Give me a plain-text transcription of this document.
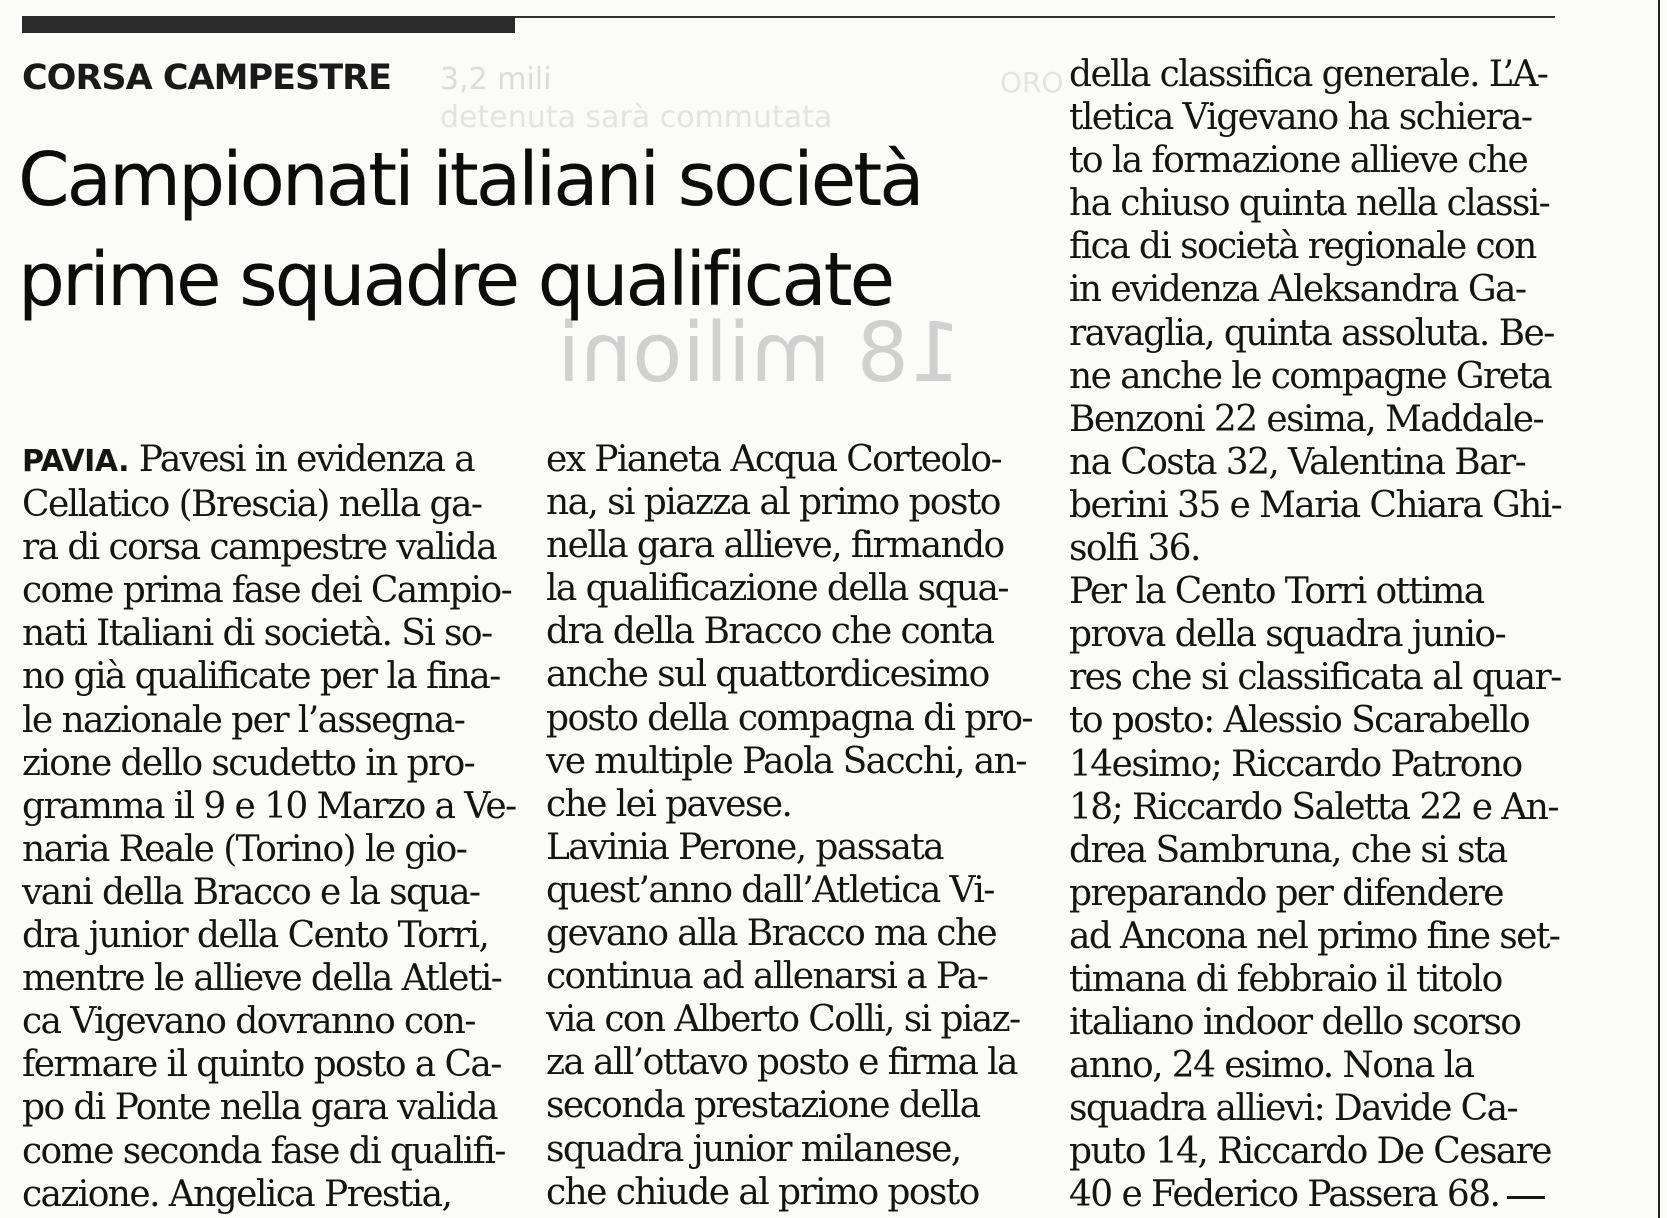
18 milioni
3,2 mili
detenuta sarà commutata
ORO

CORSA CAMPESTRE

Campionati italiani società
prime squadre qualificate
PAVIA. Pavesi in evidenza a
Cellatico (Brescia) nella ga-
ra di corsa campestre valida
come prima fase dei Campio-
nati Italiani di società. Si so-
no già qualificate per la fina-
le nazionale per l’assegna-
zione dello scudetto in pro-
gramma il 9 e 10 Marzo a Ve-
naria Reale (Torino) le gio-
vani della Bracco e la squa-
dra junior della Cento Torri,
mentre le allieve della Atleti-
ca Vigevano dovranno con-
fermare il quinto posto a Ca-
po di Ponte nella gara valida
come seconda fase di qualifi-
cazione. Angelica Prestia,
ex Pianeta Acqua Corteolo-
na, si piazza al primo posto
nella gara allieve, firmando
la qualificazione della squa-
dra della Bracco che conta
anche sul quattordicesimo
posto della compagna di pro-
ve multiple Paola Sacchi, an-
che lei pavese.
Lavinia Perone, passata
quest’anno dall’Atletica Vi-
gevano alla Bracco ma che
continua ad allenarsi a Pa-
via con Alberto Colli, si piaz-
za all’ottavo posto e firma la
seconda prestazione della
squadra junior milanese,
che chiude al primo posto
della classifica generale. L’A-
tletica Vigevano ha schiera-
to la formazione allieve che
ha chiuso quinta nella classi-
fica di società regionale con
in evidenza Aleksandra Ga-
ravaglia, quinta assoluta. Be-
ne anche le compagne Greta
Benzoni 22 esima, Maddale-
na Costa 32, Valentina Bar-
berini 35 e Maria Chiara Ghi-
solfi 36.
Per la Cento Torri ottima
prova della squadra junio-
res che si classificata al quar-
to posto: Alessio Scarabello
14esimo; Riccardo Patrono
18; Riccardo Saletta 22 e An-
drea Sambruna, che si sta
preparando per difendere
ad Ancona nel primo fine set-
timana di febbraio il titolo
italiano indoor dello scorso
anno, 24 esimo. Nona la
squadra allievi: Davide Ca-
puto 14, Riccardo De Cesare
40 e Federico Passera 68.
